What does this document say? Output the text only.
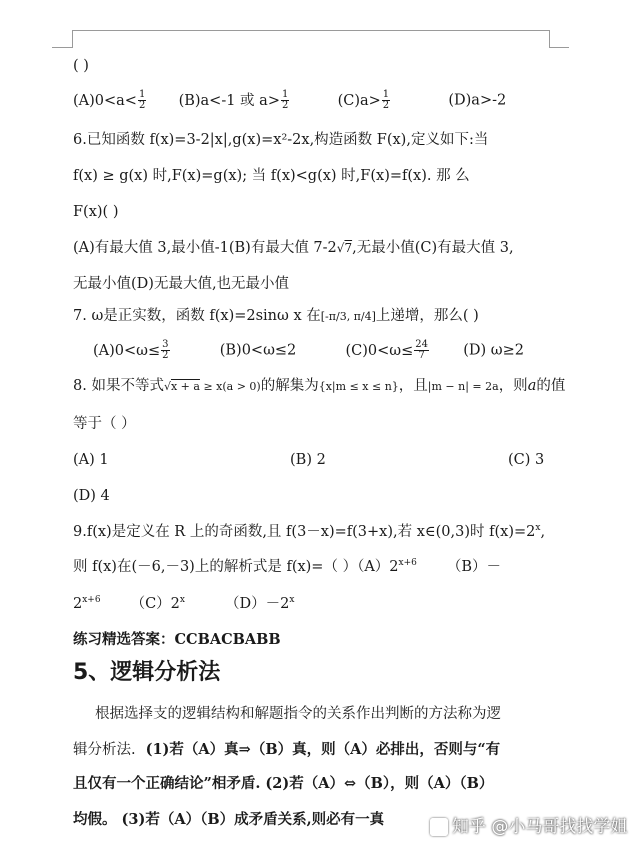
( )
$(A)0<a< \frac{1}{2} (B)a<-1$ 或 $a> \frac{1}{2}$	$(C)a> \frac{1}{2}$	(D)a>-2
6.已知函数 f(x)=3-2|x|,g(x)=x²-2x,构造函数 F(x),定义如下:当
f(x) ≥ g(x) 时,F(x)=g(x); 当 f(x)<g(x) 时,F(x)=f(x). 那 么
F(x)( )
(A)有最大值 3,最小值-1(B)有最大值 7-2√7,无最小值(C)有最大值 3,
无最小值(D)无最大值,也无最小值
7. ω是正实数，函数 f(x)=2sinω x 在[-π/3, π/4]上递增，那么( )
$(A)0<\omega\le \frac{3}{2}$	(B)0<ω≤2	$(C)0<\omega\le \frac{24}{7} (D)$ ω≥2
8. 如果不等式√x + a ≥ x(a > 0)的解集为{x|m ≤ x ≤ n}，且|m − n| = 2a，则a的值
等于（ ）
(A) 1	(B) 2	(C) 3
(D) 4
9.f(x)是定义在 R 上的奇函数,且 f(3－x)=f(3+x),若 x∈(0,3)时 $f(x)=2^x$,
则 f(x)在(－6,－3)上的解析式是 f(x)=（ ）$(A)2^{x+6}$ （B）－
$2^{x+6}$ （C）2$^x$	$(D)-2^x$
练习精选答案：CCBACBABB
5、逻辑分析法
根据选择支的逻辑结构和解题指令的关系作出判断的方法称为逻
辑分析法. (1)若（A）真⇒（B）真，则（A）必排出，否则与“有
且仅有一个正确结论”相矛盾. (2)若（A）⇔（B），则（A）（B）
均假。 (3)若（A）（B）成矛盾关系,则必有一真	知乎 @小马哥找找学姐
